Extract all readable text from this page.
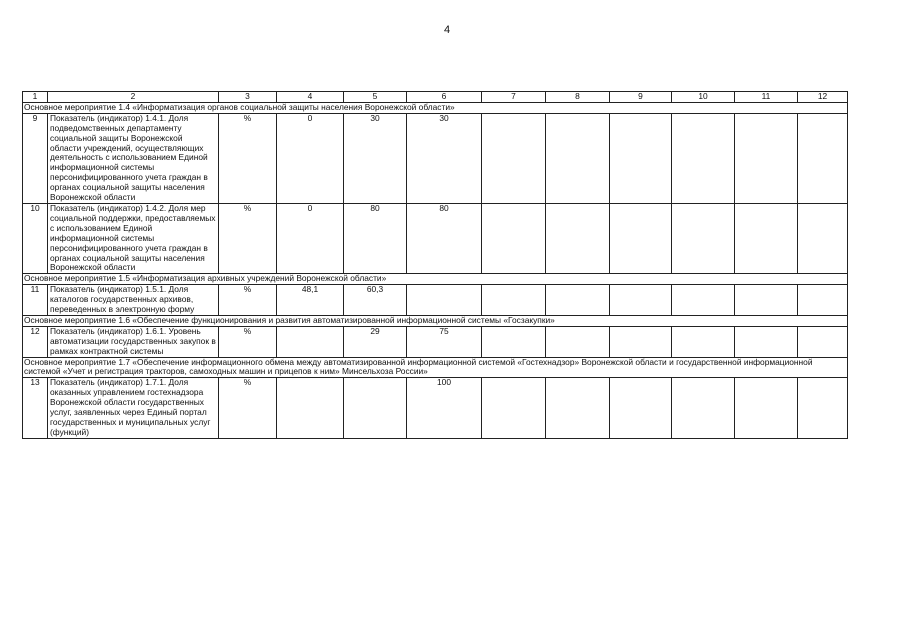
4
1	2	3	4	5	6	7	8	9	10	11	12	
Основное мероприятие 1.4 «Информатизация органов социальной защиты населения Воронежской области»												
9	Показатель (индикатор) 1.4.1. Доля подведомственных департаменту социальной защиты Воронежской области учреждений, осуществляющих деятельность с использованием Единой информационной системы персонифицированного учета граждан в органах социальной защиты населения Воронежской области	%	0	30	30							
10	Показатель (индикатор) 1.4.2. Доля мер социальной поддержки, предоставляемых с использованием Единой информационной системы персонифицированного учета граждан в органах социальной защиты населения Воронежской области	%	0	80	80							
Основное мероприятие 1.5 «Информатизация архивных учреждений Воронежской области»												
11	Показатель (индикатор) 1.5.1. Доля каталогов государственных архивов, переведенных в электронную форму	%	48,1	60,3								
Основное мероприятие 1.6 «Обеспечение функционирования и развития автоматизированной информационной системы «Госзакупки»												
12	Показатель (индикатор) 1.6.1. Уровень автоматизации государственных закупок в рамках контрактной системы	%		29	75							
Основное мероприятие 1.7 «Обеспечение информационного обмена между автоматизированной информационной системой «Гостехнадзор» Воронежской области и государственной информационной системой «Учет и регистрация тракторов, самоходных машин и прицепов к ним» Минсельхоза России»												
13	Показатель (индикатор) 1.7.1. Доля оказанных управлением гостехнадзора Воронежской области государственных услуг, заявленных через Единый портал государственных и муниципальных услуг (функций)	%			100							
